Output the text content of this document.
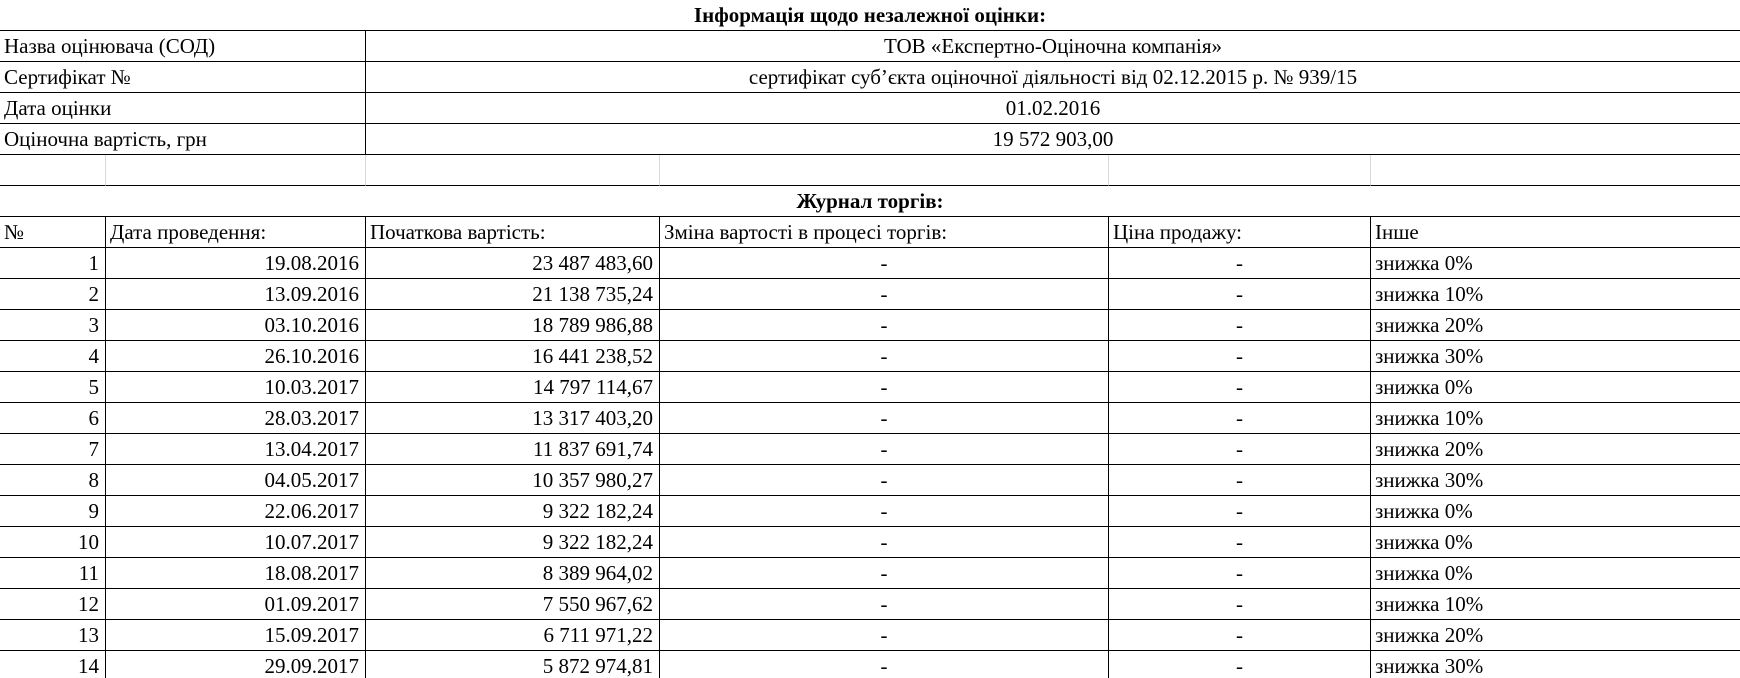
Інформація щодо незалежної оцінки:
Назва оцінювача (СОД)	ТОВ «Експертно-Оціночна компанія»
Сертифікат №	сертифікат суб’єкта оціночної діяльності від 02.12.2015 р. № 939/15
Дата оцінки	01.02.2016
Оціночна вартість, грн	19 572 903,00
Журнал торгів:
№	Дата проведення:	Початкова вартість:	Зміна вартості в процесі торгів:	Ціна продажу:	Інше
1	19.08.2016	23 487 483,60	-	-	знижка 0%
2	13.09.2016	21 138 735,24	-	-	знижка 10%
3	03.10.2016	18 789 986,88	-	-	знижка 20%
4	26.10.2016	16 441 238,52	-	-	знижка 30%
5	10.03.2017	14 797 114,67	-	-	знижка 0%
6	28.03.2017	13 317 403,20	-	-	знижка 10%
7	13.04.2017	11 837 691,74	-	-	знижка 20%
8	04.05.2017	10 357 980,27	-	-	знижка 30%
9	22.06.2017	9 322 182,24	-	-	знижка 0%
10	10.07.2017	9 322 182,24	-	-	знижка 0%
11	18.08.2017	8 389 964,02	-	-	знижка 0%
12	01.09.2017	7 550 967,62	-	-	знижка 10%
13	15.09.2017	6 711 971,22	-	-	знижка 20%
14	29.09.2017	5 872 974,81	-	-	знижка 30%
